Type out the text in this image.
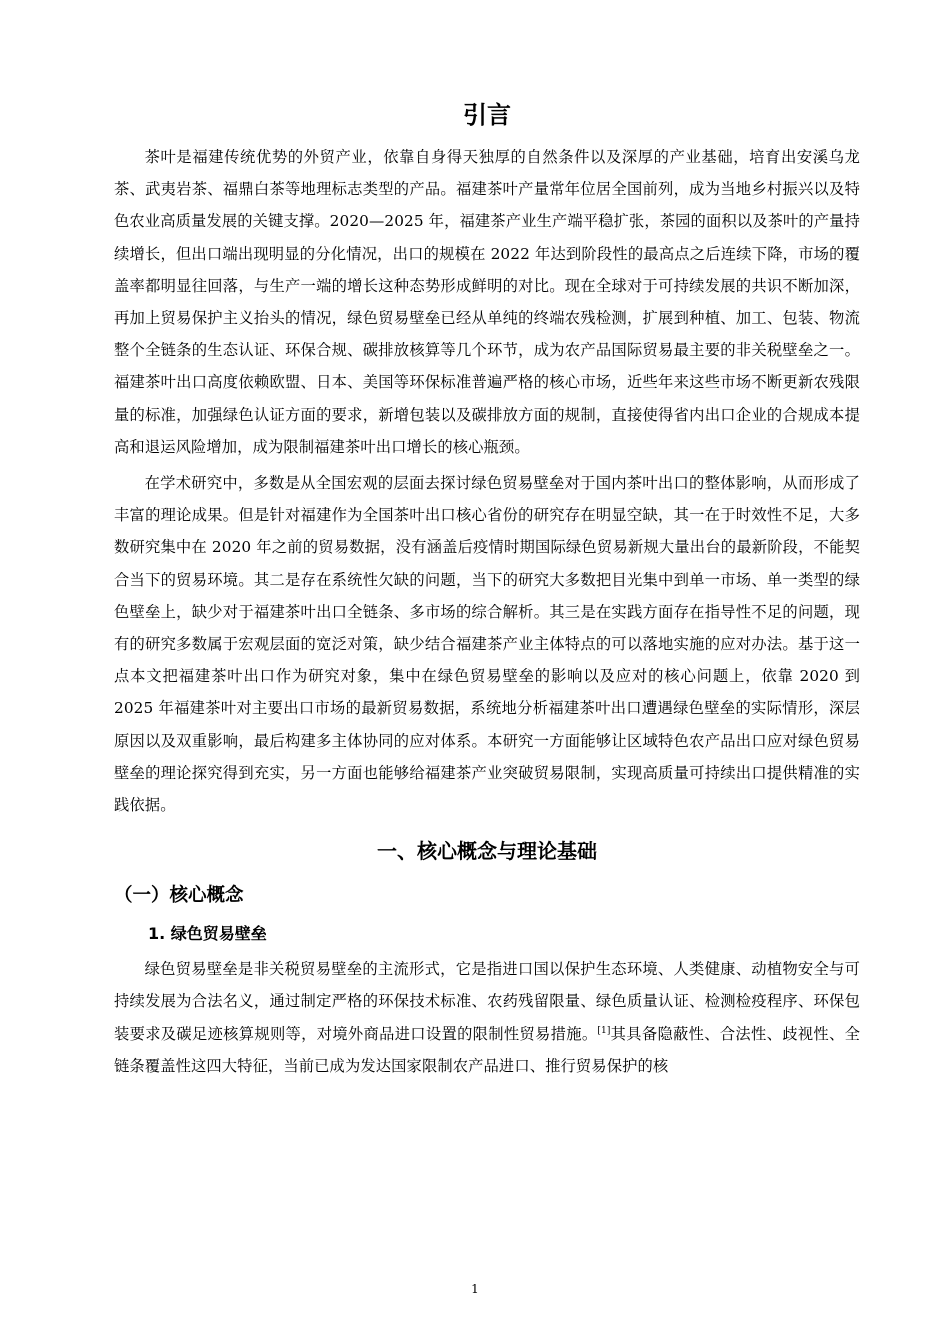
引言

茶叶是福建传统优势的外贸产业，依靠自身得天独厚的自然条件以及深厚的产业基础，培育出安溪乌龙茶、武夷岩茶、福鼎白茶等地理标志类型的产品。福建茶叶产量常年位居全国前列，成为当地乡村振兴以及特色农业高质量发展的关键支撑。2020—2025 年，福建茶产业生产端平稳扩张，茶园的面积以及茶叶的产量持续增长，但出口端出现明显的分化情况，出口的规模在 2022 年达到阶段性的最高点之后连续下降，市场的覆盖率都明显往回落，与生产一端的增长这种态势形成鲜明的对比。现在全球对于可持续发展的共识不断加深，再加上贸易保护主义抬头的情况，绿色贸易壁垒已经从单纯的终端农残检测，扩展到种植、加工、包装、物流整个全链条的生态认证、环保合规、碳排放核算等几个环节，成为农产品国际贸易最主要的非关税壁垒之一。福建茶叶出口高度依赖欧盟、日本、美国等环保标准普遍严格的核心市场，近些年来这些市场不断更新农残限量的标准，加强绿色认证方面的要求，新增包装以及碳排放方面的规制，直接使得省内出口企业的合规成本提高和退运风险增加，成为限制福建茶叶出口增长的核心瓶颈。

在学术研究中，多数是从全国宏观的层面去探讨绿色贸易壁垒对于国内茶叶出口的整体影响，从而形成了丰富的理论成果。但是针对福建作为全国茶叶出口核心省份的研究存在明显空缺，其一在于时效性不足，大多数研究集中在 2020 年之前的贸易数据，没有涵盖后疫情时期国际绿色贸易新规大量出台的最新阶段，不能契合当下的贸易环境。其二是存在系统性欠缺的问题，当下的研究大多数把目光集中到单一市场、单一类型的绿色壁垒上，缺少对于福建茶叶出口全链条、多市场的综合解析。其三是在实践方面存在指导性不足的问题，现有的研究多数属于宏观层面的宽泛对策，缺少结合福建茶产业主体特点的可以落地实施的应对办法。基于这一点本文把福建茶叶出口作为研究对象，集中在绿色贸易壁垒的影响以及应对的核心问题上，依靠 2020 到 2025 年福建茶叶对主要出口市场的最新贸易数据，系统地分析福建茶叶出口遭遇绿色壁垒的实际情形，深层原因以及双重影响，最后构建多主体协同的应对体系。本研究一方面能够让区域特色农产品出口应对绿色贸易壁垒的理论探究得到充实，另一方面也能够给福建茶产业突破贸易限制，实现高质量可持续出口提供精准的实践依据。

一、核心概念与理论基础
（一）核心概念
1. 绿色贸易壁垒

绿色贸易壁垒是非关税贸易壁垒的主流形式，它是指进口国以保护生态环境、人类健康、动植物安全与可持续发展为合法名义，通过制定严格的环保技术标准、农药残留限量、绿色质量认证、检测检疫程序、环保包装要求及碳足迹核算规则等，对境外商品进口设置的限制性贸易措施。[1]其具备隐蔽性、合法性、歧视性、全链条覆盖性这四大特征，当前已成为发达国家限制农产品进口、推行贸易保护的核

1
